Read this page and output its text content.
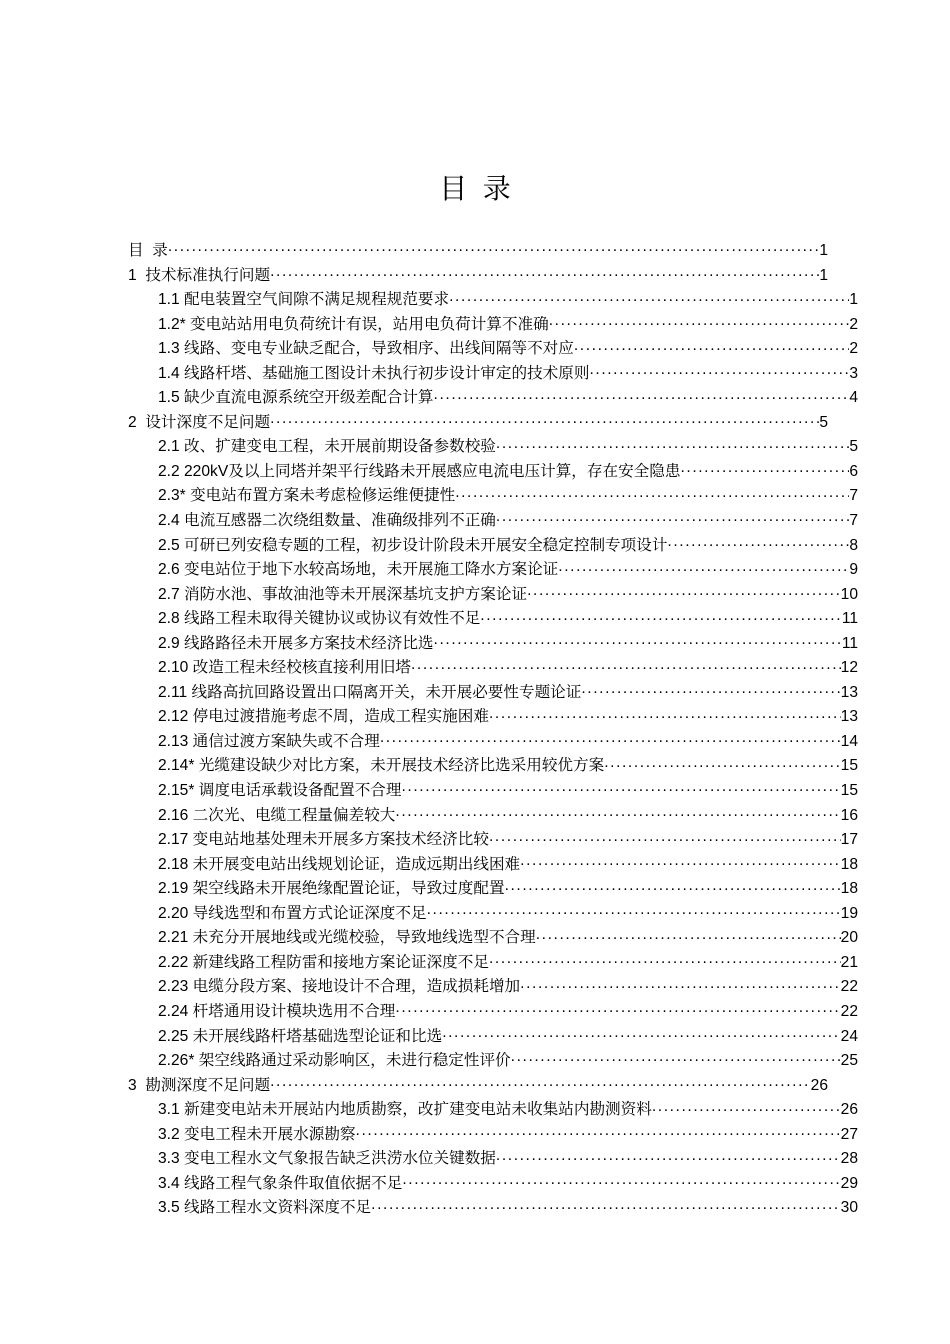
目  录
目  录 .....	1
1  技术标准执行问题 .....	1
1.1 配电装置空气间隙不满足规程规范要求 .....	1
1.2* 变电站站用电负荷统计有误，站用电负荷计算不准确 .....	2
1.3 线路、变电专业缺乏配合，导致相序、出线间隔等不对应 .....	2
1.4 线路杆塔、基础施工图设计未执行初步设计审定的技术原则 .....	3
1.5 缺少直流电源系统空开级差配合计算 .....	4
2  设计深度不足问题 .....	5
2.1 改、扩建变电工程，未开展前期设备参数校验 .....	5
2.2 220kV及以上同塔并架平行线路未开展感应电流电压计算，存在安全隐患 .....	6
2.3* 变电站布置方案未考虑检修运维便捷性 .....	7
2.4 电流互感器二次绕组数量、准确级排列不正确 .....	7
2.5 可研已列安稳专题的工程，初步设计阶段未开展安全稳定控制专项设计 .....	8
2.6 变电站位于地下水较高场地，未开展施工降水方案论证 .....	9
2.7 消防水池、事故油池等未开展深基坑支护方案论证 .....	10
2.8 线路工程未取得关键协议或协议有效性不足 .....	11
2.9 线路路径未开展多方案技术经济比选 .....	11
2.10 改造工程未经校核直接利用旧塔 .....	12
2.11 线路高抗回路设置出口隔离开关，未开展必要性专题论证 .....	13
2.12 停电过渡措施考虑不周，造成工程实施困难 .....	13
2.13 通信过渡方案缺失或不合理 .....	14
2.14* 光缆建设缺少对比方案，未开展技术经济比选采用较优方案 .....	15
2.15* 调度电话承载设备配置不合理 .....	15
2.16 二次光、电缆工程量偏差较大 .....	16
2.17 变电站地基处理未开展多方案技术经济比较 .....	17
2.18 未开展变电站出线规划论证，造成远期出线困难 .....	18
2.19 架空线路未开展绝缘配置论证，导致过度配置 .....	18
2.20 导线选型和布置方式论证深度不足 .....	19
2.21 未充分开展地线或光缆校验，导致地线选型不合理 .....	20
2.22 新建线路工程防雷和接地方案论证深度不足 .....	21
2.23 电缆分段方案、接地设计不合理，造成损耗增加 .....	22
2.24 杆塔通用设计模块选用不合理 .....	22
2.25 未开展线路杆塔基础选型论证和比选 .....	24
2.26* 架空线路通过采动影响区，未进行稳定性评价 .....	25
3  勘测深度不足问题 .....	26
3.1 新建变电站未开展站内地质勘察，改扩建变电站未收集站内勘测资料 .....	26
3.2 变电工程未开展水源勘察 .....	27
3.3 变电工程水文气象报告缺乏洪涝水位关键数据 .....	28
3.4 线路工程气象条件取值依据不足 .....	29
3.5 线路工程水文资料深度不足 .....	30
